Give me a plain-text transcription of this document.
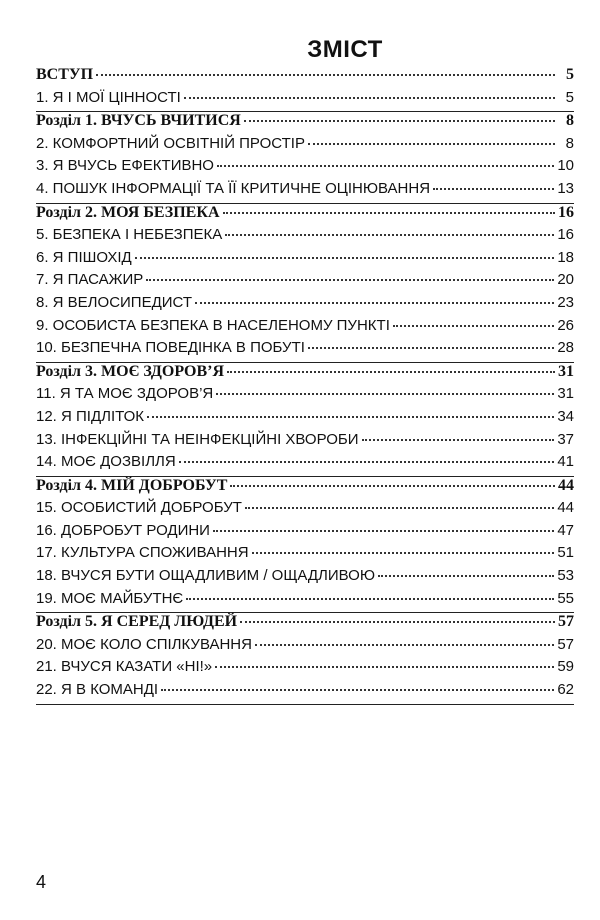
ЗМІСТ
ВСТУП	5
1. Я І МОЇ ЦІННОСТІ	5
Розділ 1. ВЧУСЬ ВЧИТИСЯ	8
2. КОМФОРТНИЙ ОСВІТНІЙ ПРОСТІР	8
3. Я ВЧУСЬ ЕФЕКТИВНО	10
4. ПОШУК ІНФОРМАЦІЇ ТА ЇЇ КРИТИЧНЕ ОЦІНЮВАННЯ	13
Розділ 2. МОЯ БЕЗПЕКА	16
5. БЕЗПЕКА І НЕБЕЗПЕКА	16
6. Я ПІШОХІД	18
7. Я ПАСАЖИР	20
8. Я ВЕЛОСИПЕДИСТ	23
9. ОСОБИСТА БЕЗПЕКА В НАСЕЛЕНОМУ ПУНКТІ	26
10. БЕЗПЕЧНА ПОВЕДІНКА В ПОБУТІ	28
Розділ 3. МОЄ ЗДОРОВ’Я	31
11. Я ТА МОЄ ЗДОРОВ’Я	31
12. Я ПІДЛІТОК	34
13. ІНФЕКЦІЙНІ ТА НЕІНФЕКЦІЙНІ ХВОРОБИ	37
14. МОЄ ДОЗВІЛЛЯ	41
Розділ 4. МІЙ ДОБРОБУТ	44
15. ОСОБИСТИЙ ДОБРОБУТ	44
16. ДОБРОБУТ РОДИНИ	47
17. КУЛЬТУРА СПОЖИВАННЯ	51
18. ВЧУСЯ БУТИ ОЩАДЛИВИМ / ОЩАДЛИВОЮ	53
19. МОЄ МАЙБУТНЄ	55
Розділ 5. Я СЕРЕД ЛЮДЕЙ	57
20. МОЄ КОЛО СПІЛКУВАННЯ	57
21. ВЧУСЯ КАЗАТИ «НІ!»	59
22. Я В КОМАНДІ	62
4
